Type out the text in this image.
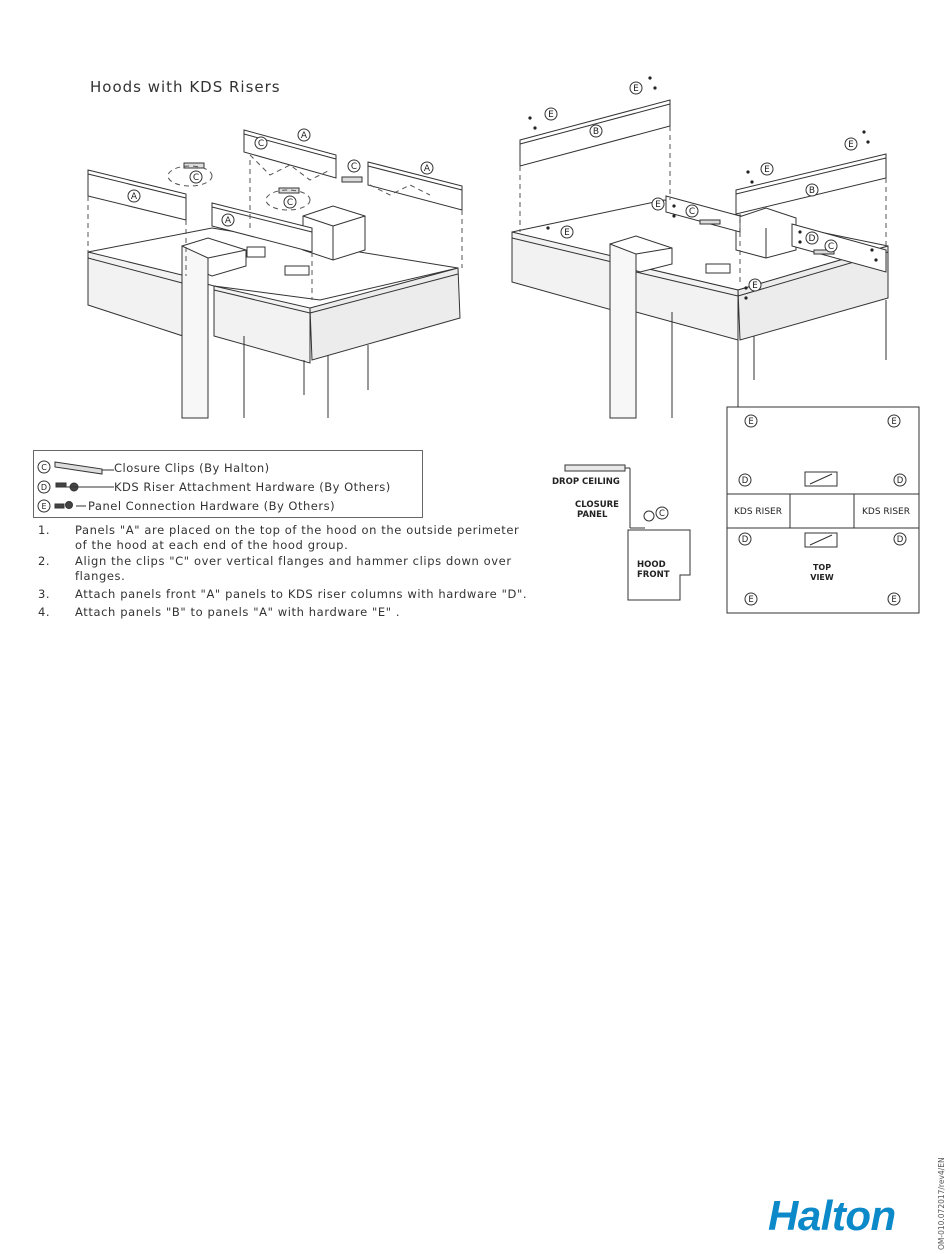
Hoods with KDS Risers
A
C
A
C
A
C
C	A
E
E
B
E
E
C
E
B
E
D
C
E
DROP CEILING
CLOSURE
PANEL
HOOD
FRONT
C
E	E
D	D
D	D
E	E
KDS RISER	KDS RISER
TOP
VIEW
C
D
E
Closure Clips (By Halton)
KDS Riser Attachment Hardware (By Others)
Panel Connection Hardware (By Others)
1. Panels "A" are placed on the top of the hood on the outside perimeter
of the hood at each end of the hood group.
2. Align the clips "C" over vertical flanges and hammer clips down over
flanges.
3. Attach panels front "A" panels to KDS riser columns with hardware "D".
4. Attach panels "B" to panels "A" with hardware "E" .
OM-010.072017/rev4/EN
Halton
